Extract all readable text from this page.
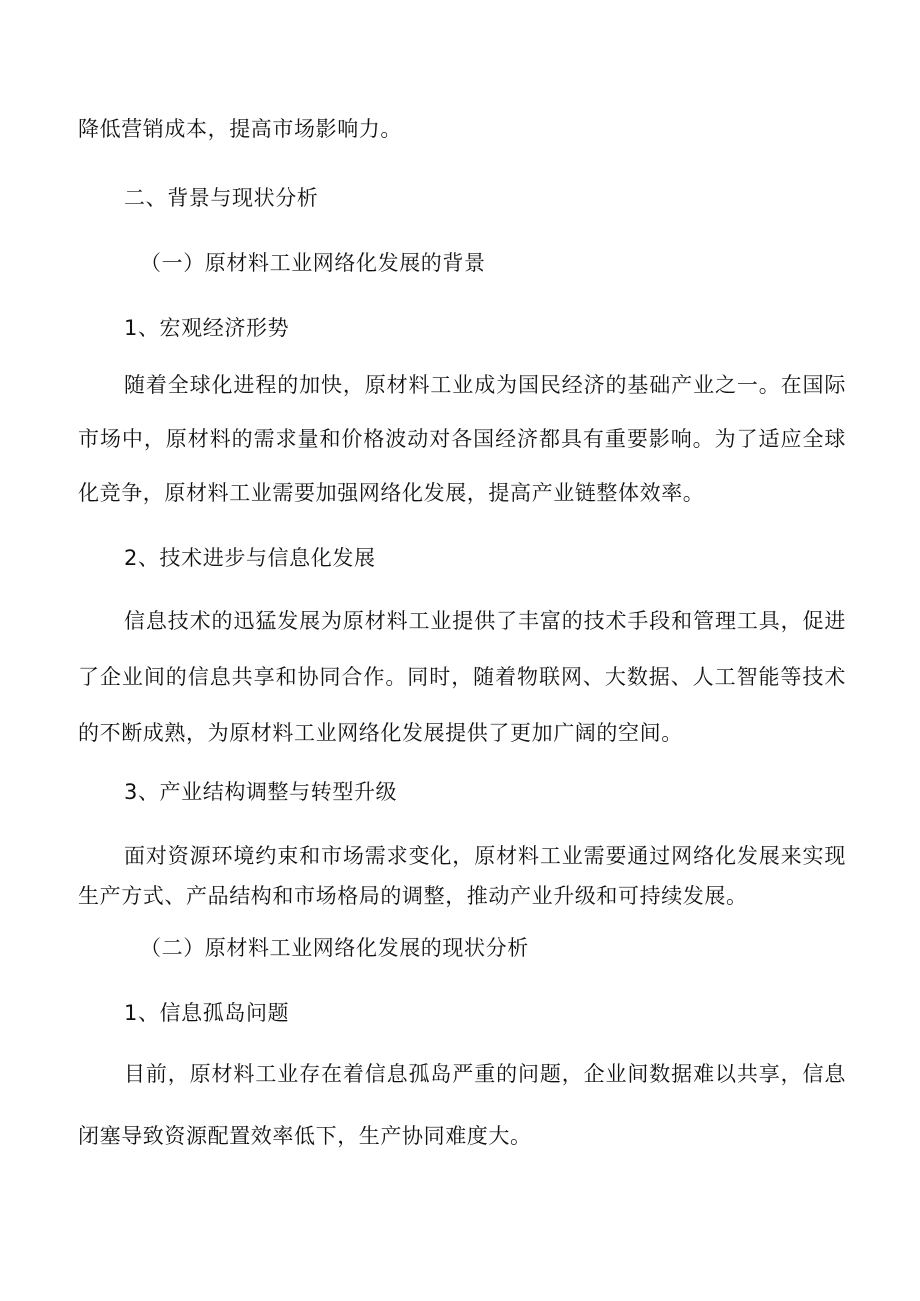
降低营销成本，提高市场影响力。
二、背景与现状分析
（一）原材料工业网络化发展的背景
1、宏观经济形势
随着全球化进程的加快，原材料工业成为国民经济的基础产业之一。在国际市场中，原材料的需求量和价格波动对各国经济都具有重要影响。为了适应全球化竞争，原材料工业需要加强网络化发展，提高产业链整体效率。
2、技术进步与信息化发展
信息技术的迅猛发展为原材料工业提供了丰富的技术手段和管理工具，促进了企业间的信息共享和协同合作。同时，随着物联网、大数据、人工智能等技术的不断成熟，为原材料工业网络化发展提供了更加广阔的空间。
3、产业结构调整与转型升级
面对资源环境约束和市场需求变化，原材料工业需要通过网络化发展来实现生产方式、产品结构和市场格局的调整，推动产业升级和可持续发展。
（二）原材料工业网络化发展的现状分析
1、信息孤岛问题
目前，原材料工业存在着信息孤岛严重的问题，企业间数据难以共享，信息闭塞导致资源配置效率低下，生产协同难度大。
